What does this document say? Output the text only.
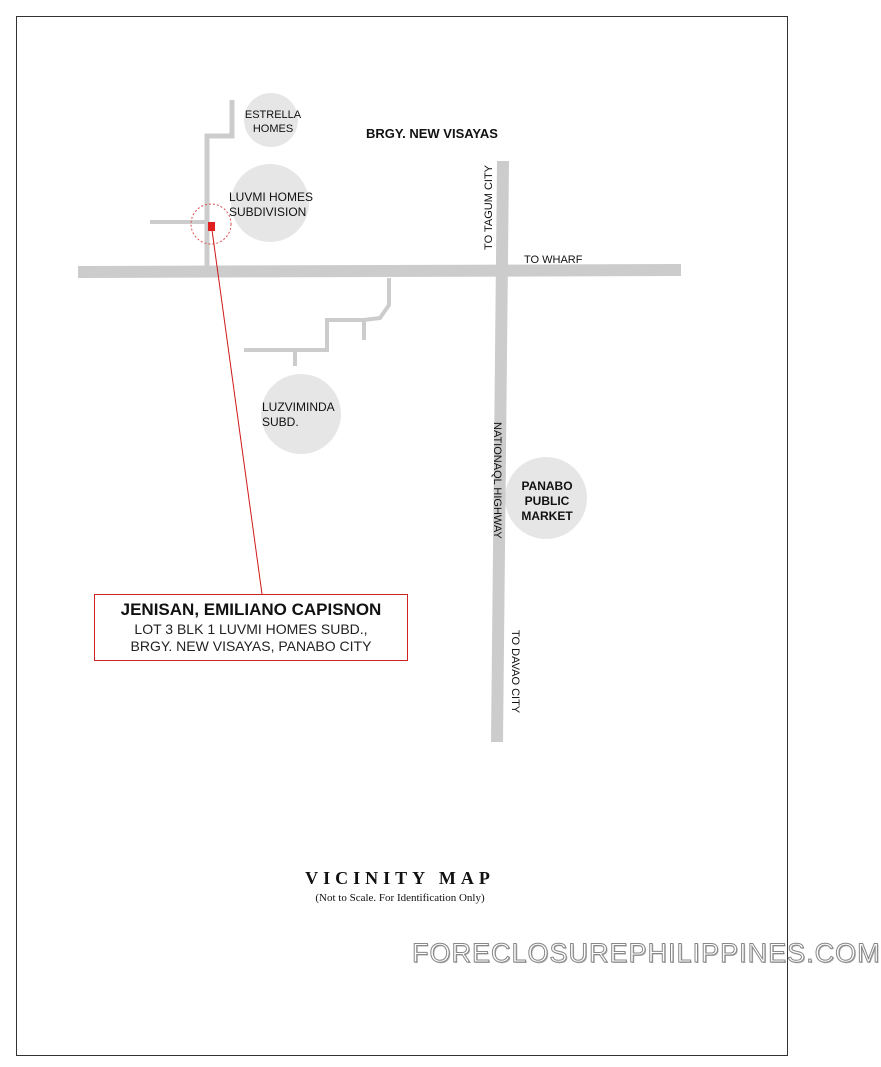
ESTRELLA
HOMES	BRGY. NEW VISAYAS
LUVMI HOMES
SUBDIVISION
LUZVIMINDA
SUBD.
PANABO PUBLIC
MARKET
TO TAGUM CITY
TO WHARF
NATIONAQL HIGHWAY
TO DAVAO CITY
JENISAN, EMILIANO CAPISNON
LOT 3 BLK 1 LUVMI HOMES SUBD.,
BRGY. NEW VISAYAS, PANABO CITY
VICINITY MAP
(Not to Scale. For Identification Only)
FORECLOSUREPHILIPPINES.COM
